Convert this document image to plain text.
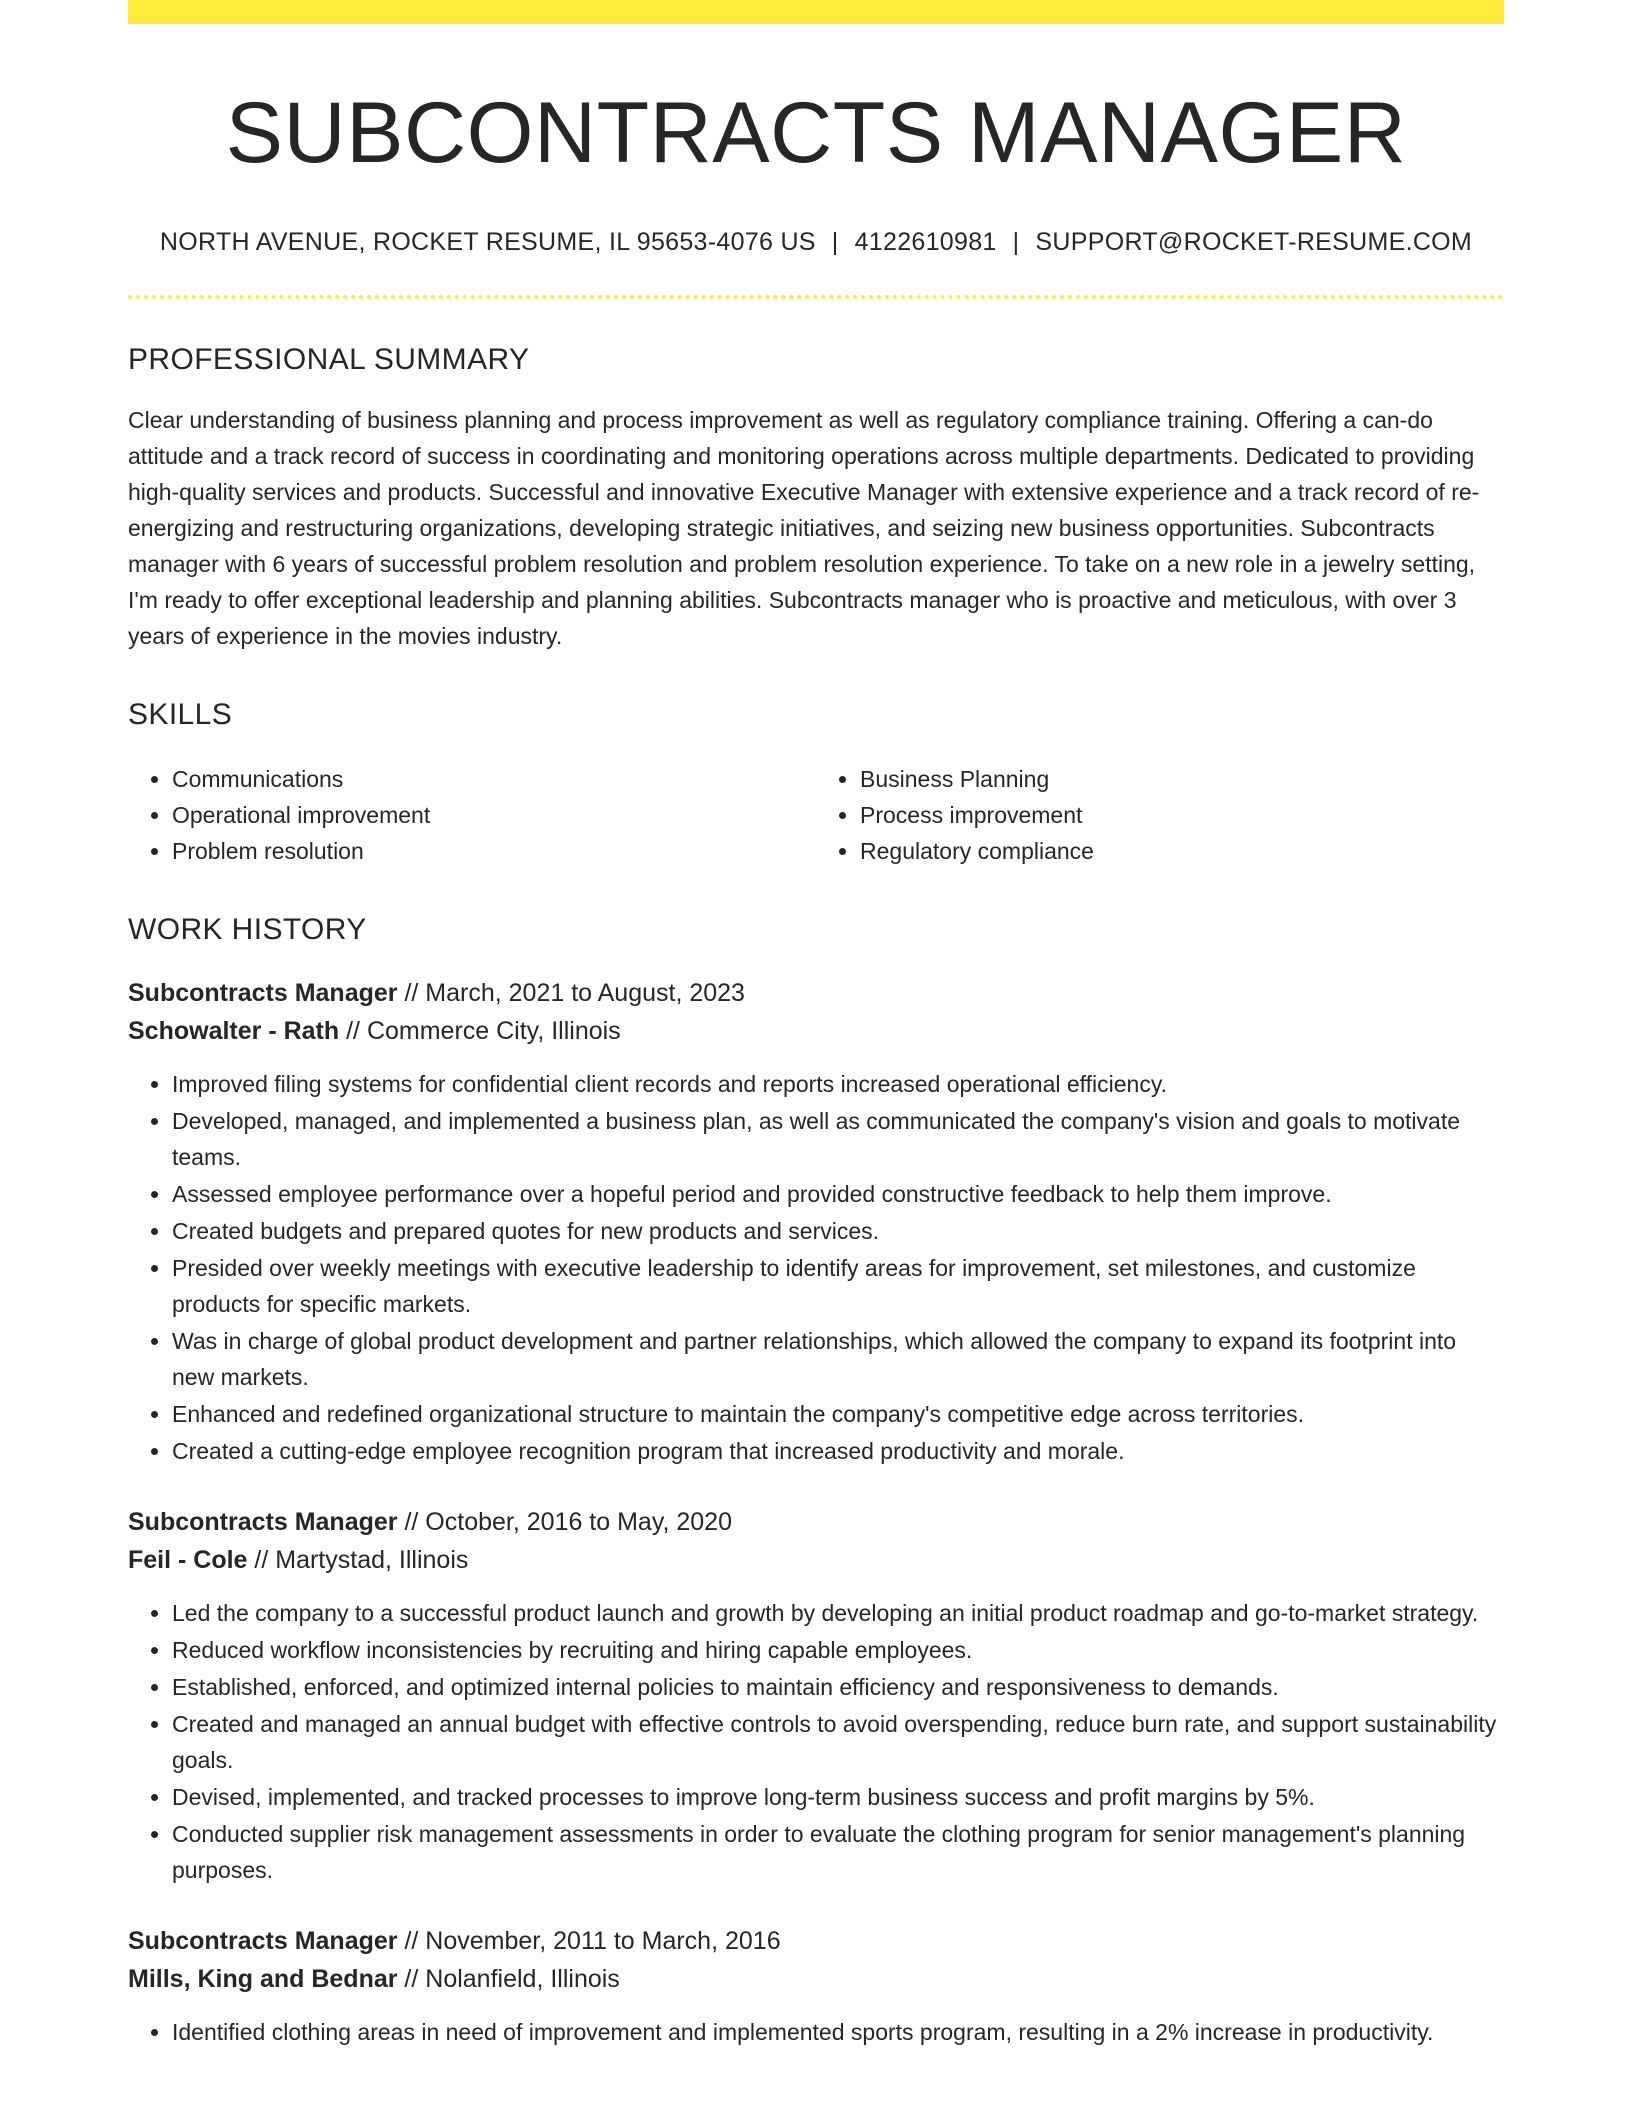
SUBCONTRACTS MANAGER
NORTH AVENUE, ROCKET RESUME, IL 95653-4076 US | 4122610981 | SUPPORT@ROCKET-RESUME.COM
PROFESSIONAL SUMMARY

Clear understanding of business planning and process improvement as well as regulatory compliance training. Offering a can-do attitude and a track record of success in coordinating and monitoring operations across multiple departments. Dedicated to providing high-quality services and products. Successful and innovative Executive Manager with extensive experience and a track record of re-energizing and restructuring organizations, developing strategic initiatives, and seizing new business opportunities. Subcontracts manager with 6 years of successful problem resolution and problem resolution experience. To take on a new role in a jewelry setting, I'm ready to offer exceptional leadership and planning abilities. Subcontracts manager who is proactive and meticulous, with over 3 years of experience in the movies industry.

SKILLS
• Communications
• Operational improvement
• Problem resolution
• Business Planning
• Process improvement
• Regulatory compliance
WORK HISTORY
Subcontracts Manager // March, 2021 to August, 2023
Schowalter - Rath // Commerce City, Illinois
• Improved filing systems for confidential client records and reports increased operational efficiency.
• Developed, managed, and implemented a business plan, as well as communicated the company's vision and goals to motivate teams.
• Assessed employee performance over a hopeful period and provided constructive feedback to help them improve.
• Created budgets and prepared quotes for new products and services.
• Presided over weekly meetings with executive leadership to identify areas for improvement, set milestones, and customize products for specific markets.
• Was in charge of global product development and partner relationships, which allowed the company to expand its footprint into new markets.
• Enhanced and redefined organizational structure to maintain the company's competitive edge across territories.
• Created a cutting-edge employee recognition program that increased productivity and morale.
Subcontracts Manager // October, 2016 to May, 2020
Feil - Cole // Martystad, Illinois
• Led the company to a successful product launch and growth by developing an initial product roadmap and go-to-market strategy.
• Reduced workflow inconsistencies by recruiting and hiring capable employees.
• Established, enforced, and optimized internal policies to maintain efficiency and responsiveness to demands.
• Created and managed an annual budget with effective controls to avoid overspending, reduce burn rate, and support sustainability goals.
• Devised, implemented, and tracked processes to improve long-term business success and profit margins by 5%.
• Conducted supplier risk management assessments in order to evaluate the clothing program for senior management's planning purposes.
Subcontracts Manager // November, 2011 to March, 2016
Mills, King and Bednar // Nolanfield, Illinois
• Identified clothing areas in need of improvement and implemented sports program, resulting in a 2% increase in productivity.
